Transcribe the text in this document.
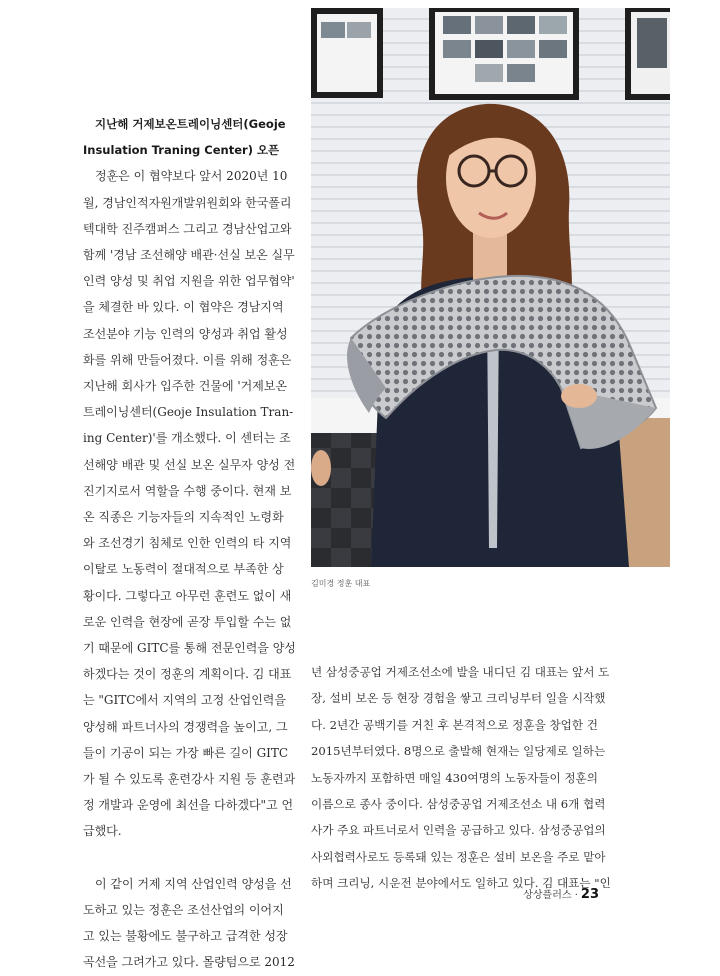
김미경 정훈 대표

지난해 거제보온트레이닝센터(Geoje

Insulation Traning Center) 오픈

정훈은 이 협약보다 앞서 2020년 10

월, 경남인적자원개발위원회와 한국폴리

텍대학 진주캠퍼스 그리고 경남산업고와

함께 '경남 조선해양 배관·선실 보온 실무

인력 양성 및 취업 지원을 위한 업무협약'

을 체결한 바 있다. 이 협약은 경남지역

조선분야 기능 인력의 양성과 취업 활성

화를 위해 만들어졌다. 이를 위해 정훈은

지난해 회사가 입주한 건물에 '거제보온

트레이닝센터(Geoje Insulation Tran-

ing Center)'를 개소했다. 이 센터는 조

선해양 배관 및 선실 보온 실무자 양성 전

진기지로서 역할을 수행 중이다. 현재 보

온 직종은 기능자들의 지속적인 노령화

와 조선경기 침체로 인한 인력의 타 지역

이탈로 노동력이 절대적으로 부족한 상

황이다. 그렇다고 아무런 훈련도 없이 새

로운 인력을 현장에 곧장 투입할 수는 없

기 때문에 GITC를 통해 전문인력을 양성

하겠다는 것이 정훈의 계획이다. 김 대표

는 "GITC에서 지역의 고정 산업인력을

양성해 파트너사의 경쟁력을 높이고, 그

들이 기공이 되는 가장 빠른 길이 GITC

가 될 수 있도록 훈련강사 지원 등 훈련과

정 개발과 운영에 최선을 다하겠다"고 언

급했다.

이 같이 거제 지역 산업인력 양성을 선

도하고 있는 정훈은 조선산업의 이어지

고 있는 불황에도 불구하고 급격한 성장

곡선을 그려가고 있다. 몰량텀으로 2012

년 삼성중공업 거제조선소에 발을 내디딘 김 대표는 앞서 도

장, 설비 보온 등 현장 경험을 쌓고 크리닝부터 일을 시작했

다. 2년간 공백기를 거친 후 본격적으로 정훈을 창업한 건

2015년부터였다. 8명으로 출발해 현재는 일당제로 일하는

노동자까지 포함하면 매일 430여명의 노동자들이 정훈의

이름으로 종사 중이다. 삼성중공업 거제조선소 내 6개 협력

사가 주요 파트너로서 인력을 공급하고 있다. 삼성중공업의

사외협력사로도 등록돼 있는 정훈은 설비 보온을 주로 맡아

하며 크리닝, 시운전 분야에서도 일하고 있다. 김 대표는 "인

상상플러스 · 23
